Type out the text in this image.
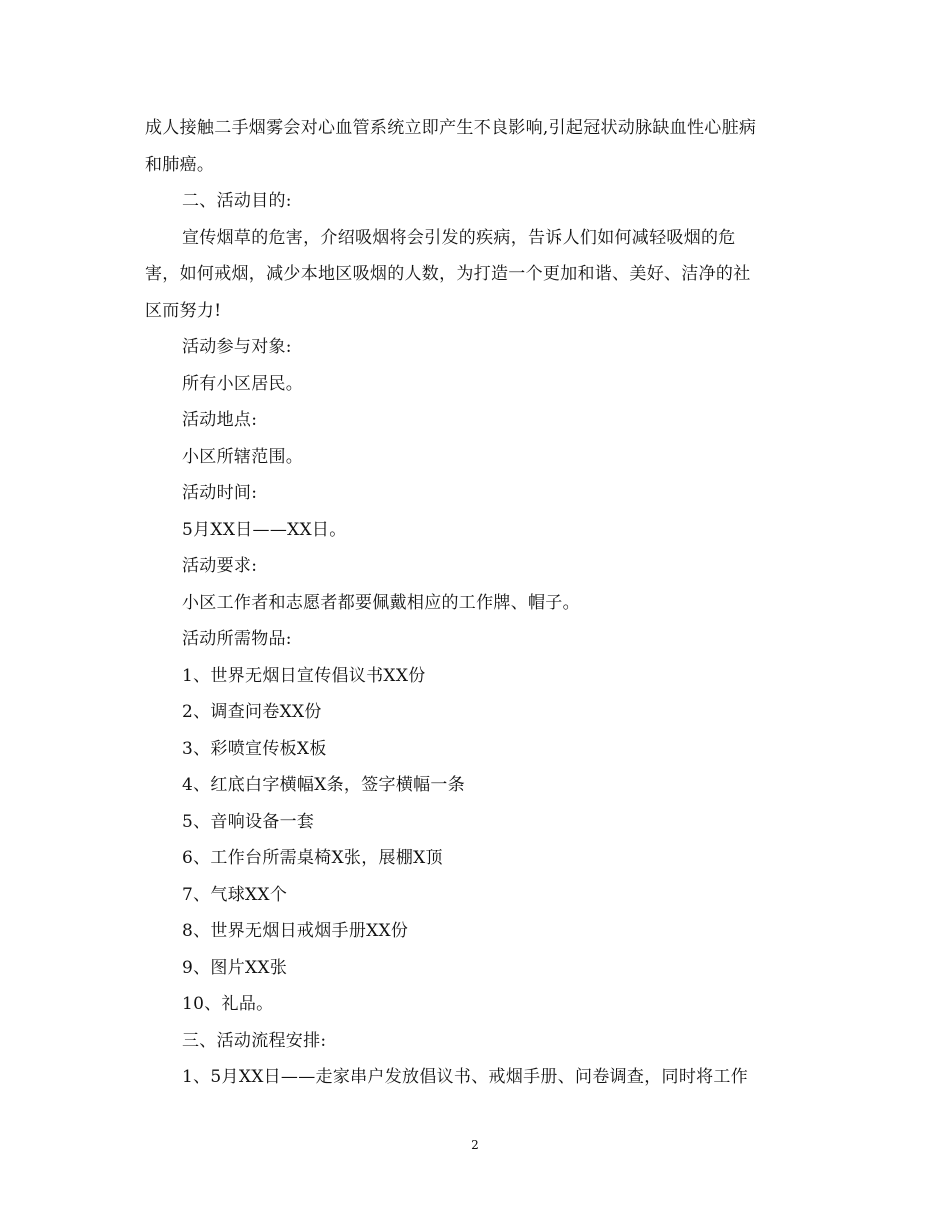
成人接触二手烟雾会对心血管系统立即产生不良影响,引起冠状动脉缺血性心脏病
和肺癌。
二、活动目的:
宣传烟草的危害，介绍吸烟将会引发的疾病，告诉人们如何减轻吸烟的危
害，如何戒烟，减少本地区吸烟的人数，为打造一个更加和谐、美好、洁净的社
区而努力!
活动参与对象:
所有小区居民。
活动地点:
小区所辖范围。
活动时间:
5月XX日——XX日。
活动要求:
小区工作者和志愿者都要佩戴相应的工作牌、帽子。
活动所需物品:
1、世界无烟日宣传倡议书XX份
2、调查问卷XX份
3、彩喷宣传板X板
4、红底白字横幅X条，签字横幅一条
5、音响设备一套
6、工作台所需桌椅X张，展棚X顶
7、气球XX个
8、世界无烟日戒烟手册XX份
9、图片XX张
10、礼品。
三、活动流程安排:
1、5月XX日——走家串户发放倡议书、戒烟手册、问卷调查，同时将工作
2
